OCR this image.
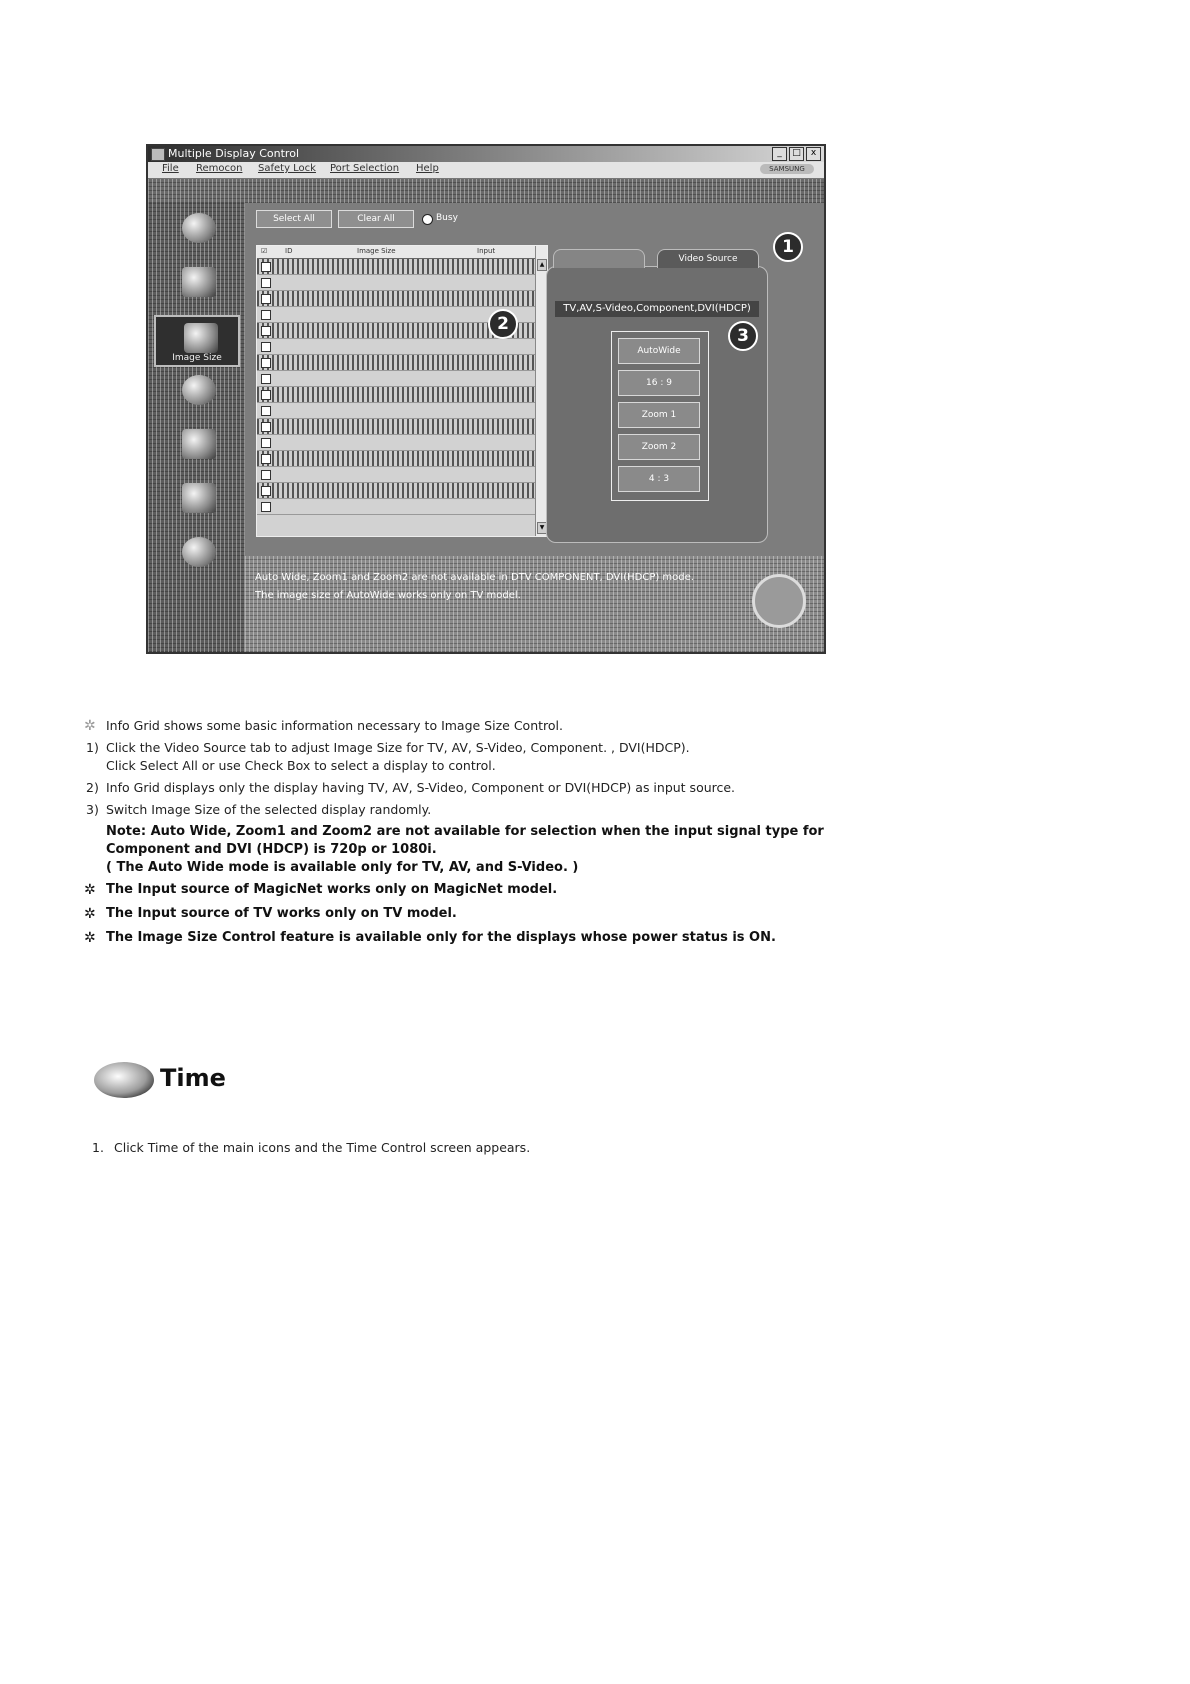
Multiple Display Control	_	□	x
File Remocon Safety Lock Port Selection Help	SAMSUNG
Image Size
Select All	Clear All	Busy
☑	ID	Image Size	Input
▲
▼
Video Source
TV,AV,S-Video,Component,DVI(HDCP)
AutoWide
16 : 9
Zoom 1
Zoom 2
4 : 3
Auto Wide, Zoom1 and Zoom2 are not available in DTV COMPONENT, DVI(HDCP) mode.
The image size of AutoWide works only on TV model.
1
2
3
✲ Info Grid shows some basic information necessary to Image Size Control.
1) Click the Video Source tab to adjust Image Size for TV, AV, S-Video, Component. , DVI(HDCP).
Click Select All or use Check Box to select a display to control.
2) Info Grid displays only the display having TV, AV, S-Video, Component or DVI(HDCP) as input source.
3) Switch Image Size of the selected display randomly.
Note: Auto Wide, Zoom1 and Zoom2 are not available for selection when the input signal type for
Component and DVI (HDCP) is 720p or 1080i.
( The Auto Wide mode is available only for TV, AV, and S-Video. )
✲ The Input source of MagicNet works only on MagicNet model.
✲ The Input source of TV works only on TV model.
✲ The Image Size Control feature is available only for the displays whose power status is ON.
Time
1. Click Time of the main icons and the Time Control screen appears.
